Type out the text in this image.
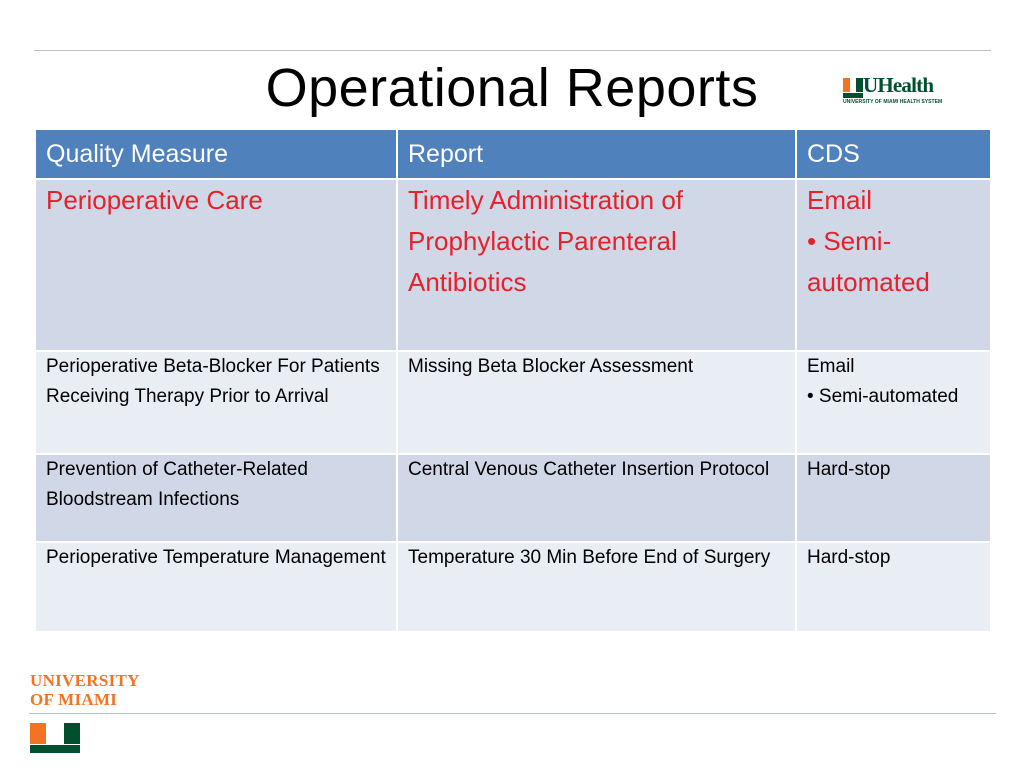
Operational Reports	UHealth
UNIVERSITY OF MIAMI HEALTH SYSTEM
Quality Measure	Report	CDS
Perioperative Care	Timely Administration of Prophylactic Parenteral Antibiotics	Email
• Semi-automated

Perioperative Beta-Blocker For Patients Receiving Therapy Prior to Arrival	Missing Beta Blocker Assessment	Email
• Semi-automated

Prevention of Catheter-Related Bloodstream Infections	Central Venous Catheter Insertion Protocol	Hard-stop
Perioperative Temperature Management	Temperature 30 Min Before End of Surgery	Hard-stop
UNIVERSITY
OF MIAMI
